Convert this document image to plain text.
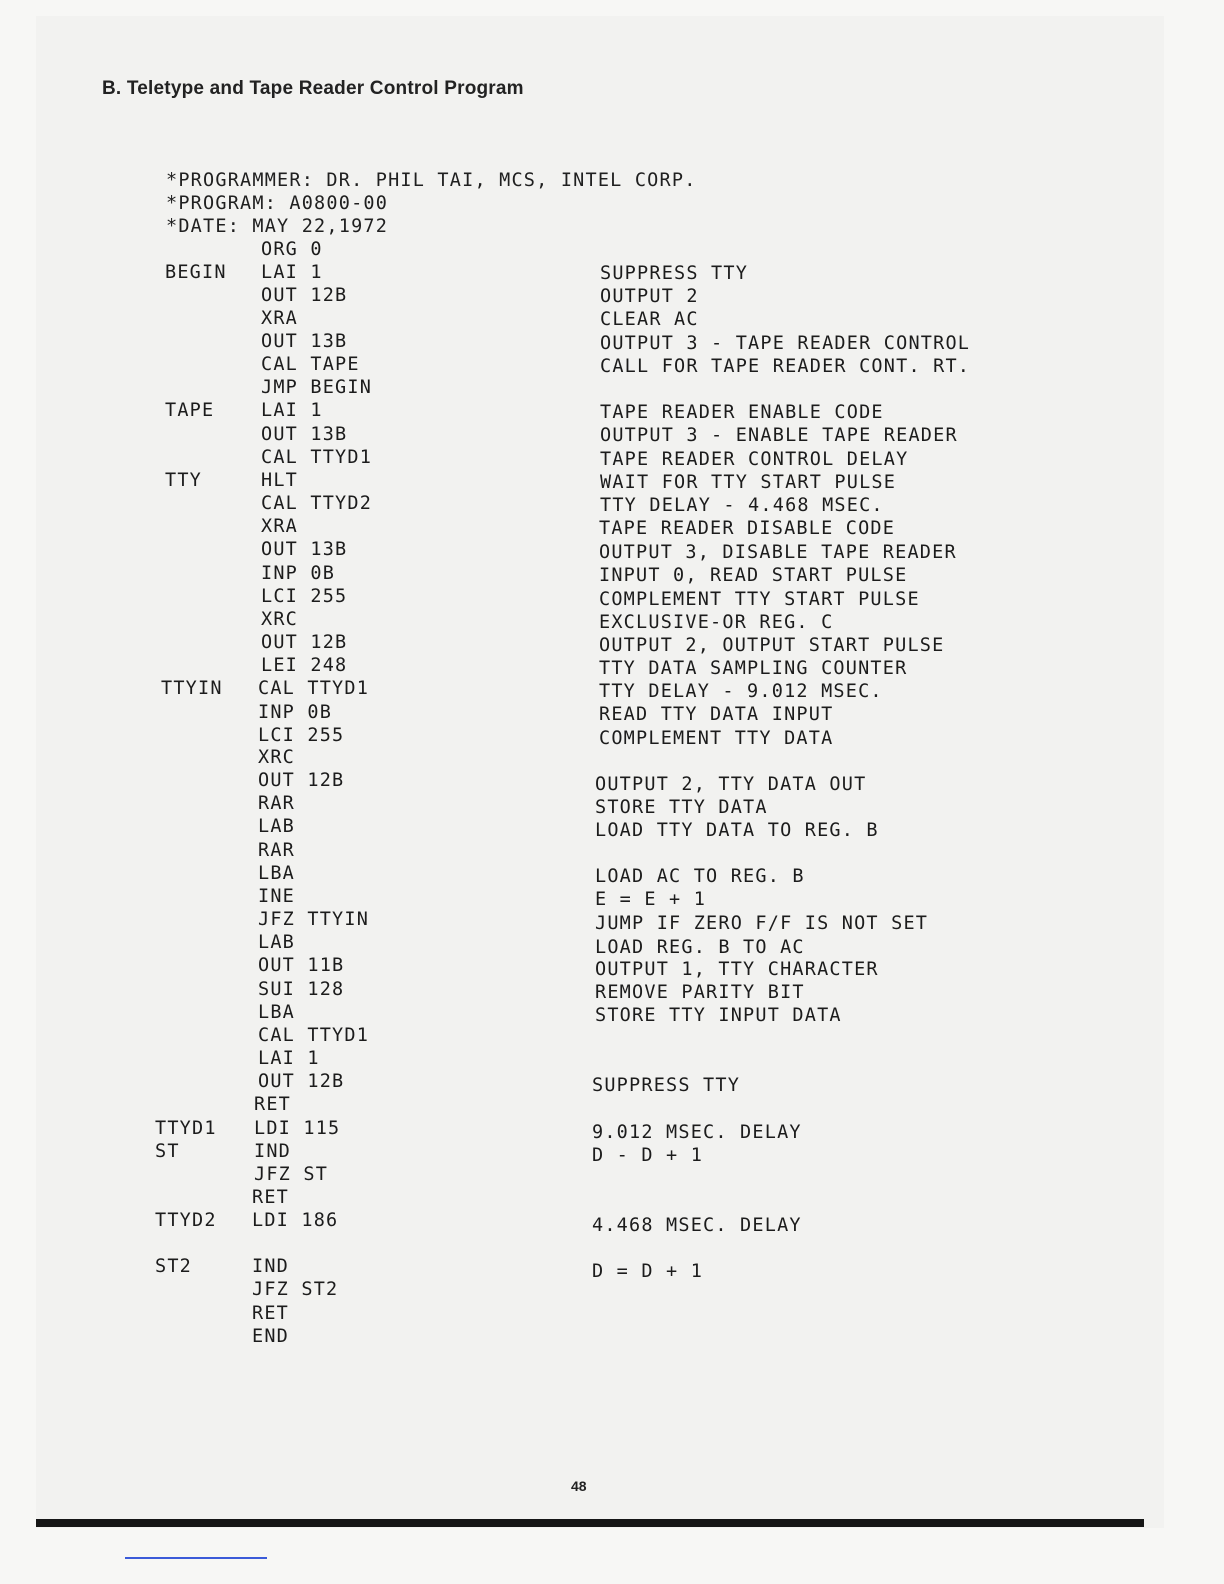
B. Teletype and Tape Reader Control Program
*PROGRAMMER: DR. PHIL TAI, MCS, INTEL CORP.
*PROGRAM: A0800-00
*DATE: MAY 22,1972
ORG 0
BEGIN LAI 1	SUPPRESS TTY
OUT 12B	OUTPUT 2
XRA	CLEAR AC
OUT 13B	OUTPUT 3 - TAPE READER CONTROL
CAL TAPE	CALL FOR TAPE READER CONT. RT.
JMP BEGIN
TAPE	LAI 1	TAPE READER ENABLE CODE
OUT 13B	OUTPUT 3 - ENABLE TAPE READER
CAL TTYD1	TAPE READER CONTROL DELAY
TTY	HLT	WAIT FOR TTY START PULSE
CAL TTYD2	TTY DELAY - 4.468 MSEC.
XRA	TAPE READER DISABLE CODE
OUT 13B	OUTPUT 3, DISABLE TAPE READER
INP 0B	INPUT 0, READ START PULSE
LCI 255	COMPLEMENT TTY START PULSE
XRC	EXCLUSIVE-OR REG. C
OUT 12B	OUTPUT 2, OUTPUT START PULSE
LEI 248	TTY DATA SAMPLING COUNTER
TTYIN CAL TTYD1	TTY DELAY - 9.012 MSEC.
INP 0B	READ TTY DATA INPUT
LCI 255	COMPLEMENT TTY DATA
XRC
OUT 12B	OUTPUT 2, TTY DATA OUT
RAR	STORE TTY DATA
LAB	LOAD TTY DATA TO REG. B
RAR
LBA	LOAD AC TO REG. B
INE	E = E + 1
JFZ TTYIN	JUMP IF ZERO F/F IS NOT SET
LAB	LOAD REG. B TO AC
OUT 11B	OUTPUT 1, TTY CHARACTER
SUI 128	REMOVE PARITY BIT
LBA	STORE TTY INPUT DATA
CAL TTYD1
LAI 1
OUT 12B	SUPPRESS TTY
RET
TTYD1 LDI 115	9.012 MSEC. DELAY
ST	IND	D - D + 1
JFZ ST
RET
TTYD2 LDI 186	4.468 MSEC. DELAY
ST2	IND	D = D + 1
JFZ ST2
RET
END
48
